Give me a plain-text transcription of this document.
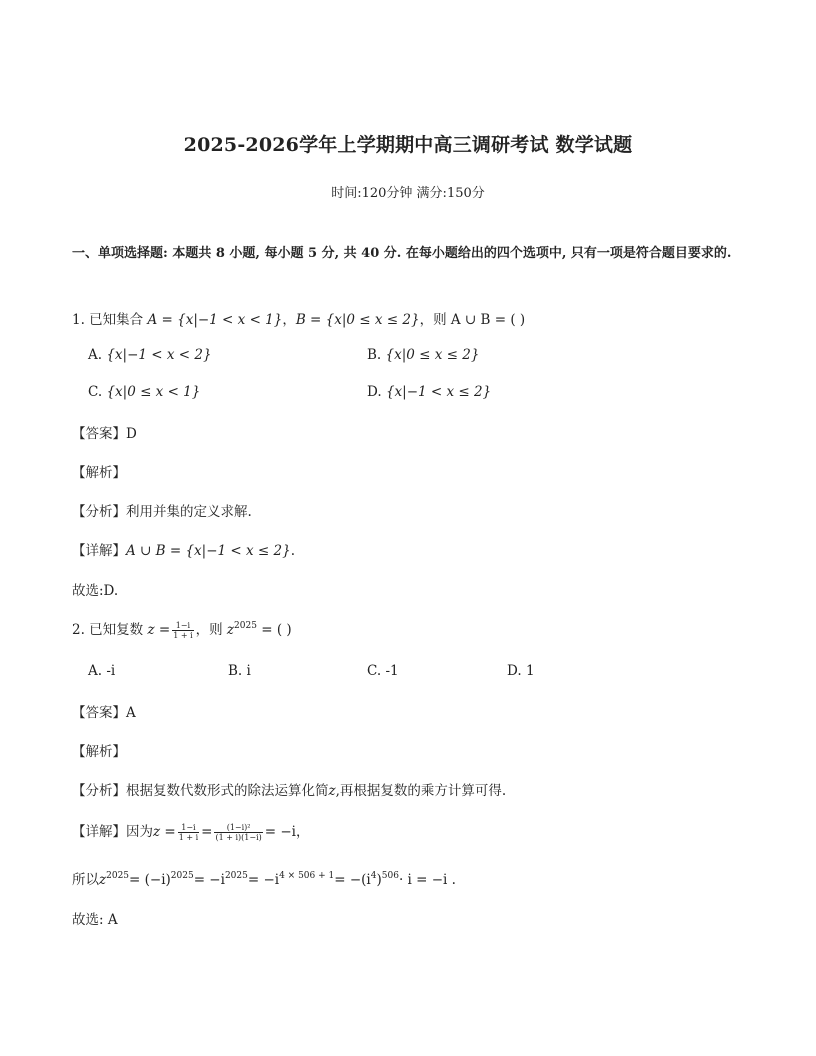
2025-2026学年上学期期中高三调研考试 数学试题
时间:120分钟 满分:150分
一、单项选择题: 本题共 8 小题, 每小题 5 分, 共 40 分. 在每小题给出的四个选项中, 只有一项是符合题目要求的.
1. 已知集合 A = {x|−1 < x < 1}，B = {x|0 ≤ x ≤ 2}，则 A ∪ B = ( )
A. {x|−1 < x < 2}	B. {x|0 ≤ x ≤ 2}
C. {x|0 ≤ x < 1}	D. {x|−1 < x ≤ 2}
【答案】D
【解析】
【分析】利用并集的定义求解.
【详解】A ∪ B = {x|−1 < x ≤ 2}.
故选:D.
2. 已知复数 $z = \frac{1-i}{1 + i}$ ，则 $z^{2025}$ = ( )
A. -i	B. i	C. -1	D. 1
【答案】A
【解析】
【分析】根据复数代数形式的除法运算化简z,再根据复数的乘方计算可得.
【详解】因为$z = \frac{1-i}{1 + i} = \frac{\text{(1−i)²}}{(1 + i)(1-i)} = -i$，
所以$z^{2025}= (-i)^{2025}= -i^{2025}= -i^{4 \times 506 + 1}= -(i^4)^{506}\cdot i = -i$ .
故选: A
